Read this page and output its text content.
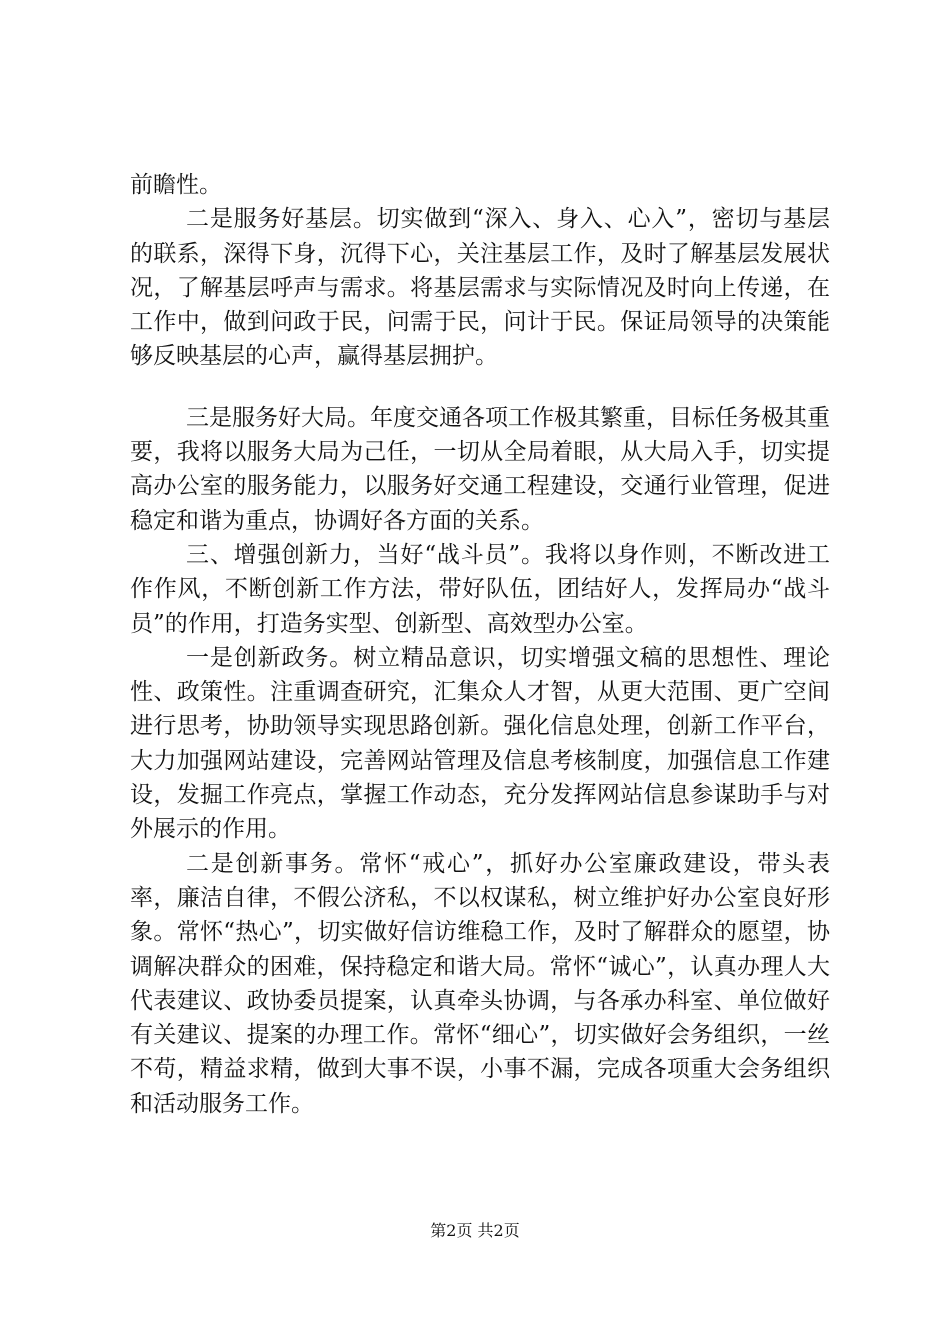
前瞻性。

二是服务好基层。切实做到“深入、身入、心入”，密切与基层的联系，深得下身，沉得下心，关注基层工作，及时了解基层发展状况，了解基层呼声与需求。将基层需求与实际情况及时向上传递，在工作中，做到问政于民，问需于民，问计于民。保证局领导的决策能够反映基层的心声，赢得基层拥护。

三是服务好大局。年度交通各项工作极其繁重，目标任务极其重要，我将以服务大局为己任，一切从全局着眼，从大局入手，切实提高办公室的服务能力，以服务好交通工程建设，交通行业管理，促进稳定和谐为重点，协调好各方面的关系。

三、增强创新力，当好“战斗员”。我将以身作则，不断改进工作作风，不断创新工作方法，带好队伍，团结好人，发挥局办“战斗员”的作用，打造务实型、创新型、高效型办公室。

一是创新政务。树立精品意识，切实增强文稿的思想性、理论性、政策性。注重调查研究，汇集众人才智，从更大范围、更广空间进行思考，协助领导实现思路创新。强化信息处理，创新工作平台，大力加强网站建设，完善网站管理及信息考核制度，加强信息工作建设，发掘工作亮点，掌握工作动态，充分发挥网站信息参谋助手与对外展示的作用。

二是创新事务。常怀“戒心”，抓好办公室廉政建设，带头表率，廉洁自律，不假公济私，不以权谋私，树立维护好办公室良好形象。常怀“热心”，切实做好信访维稳工作，及时了解群众的愿望，协调解决群众的困难，保持稳定和谐大局。常怀“诚心”，认真办理人大代表建议、政协委员提案，认真牵头协调，与各承办科室、单位做好有关建议、提案的办理工作。常怀“细心”，切实做好会务组织，一丝不苟，精益求精，做到大事不误，小事不漏，完成各项重大会务组织和活动服务工作。

第2页 共2页
